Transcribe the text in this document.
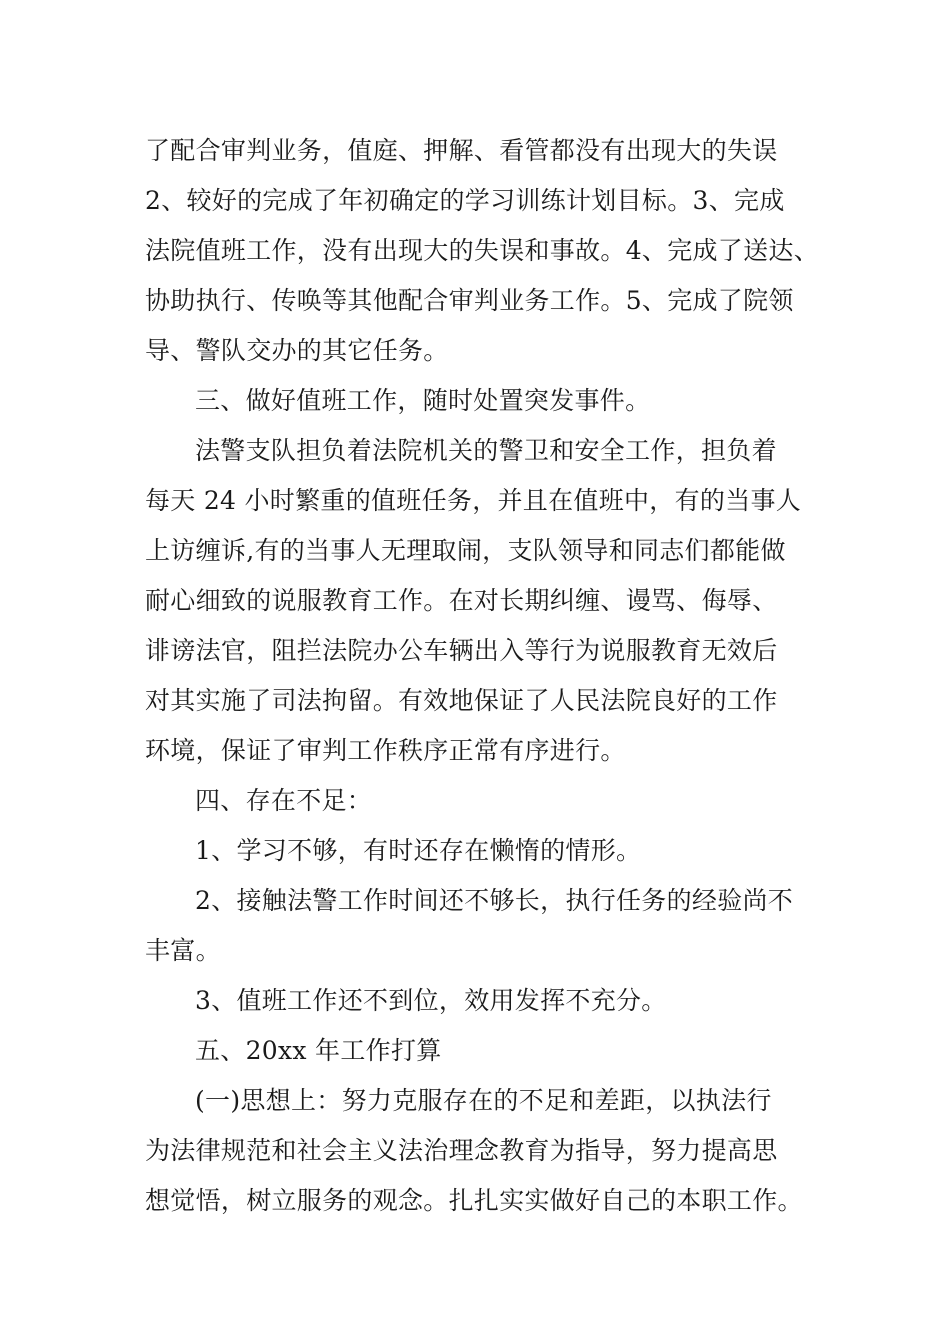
了配合审判业务，值庭、押解、看管都没有出现大的失误
2、较好的完成了年初确定的学习训练计划目标。3、完成
法院值班工作，没有出现大的失误和事故。4、完成了送达、
协助执行、传唤等其他配合审判业务工作。5、完成了院领
导、警队交办的其它任务。
三、做好值班工作，随时处置突发事件。
法警支队担负着法院机关的警卫和安全工作，担负着
每天 24 小时繁重的值班任务，并且在值班中，有的当事人
上访缠诉,有的当事人无理取闹，支队领导和同志们都能做
耐心细致的说服教育工作。在对长期纠缠、谩骂、侮辱、
诽谤法官，阻拦法院办公车辆出入等行为说服教育无效后
对其实施了司法拘留。有效地保证了人民法院良好的工作
环境，保证了审判工作秩序正常有序进行。
四、存在不足：
1、学习不够，有时还存在懒惰的情形。
2、接触法警工作时间还不够长，执行任务的经验尚不
丰富。
3、值班工作还不到位，效用发挥不充分。
五、20xx 年工作打算
(一)思想上：努力克服存在的不足和差距，以执法行
为法律规范和社会主义法治理念教育为指导，努力提高思
想觉悟，树立服务的观念。扎扎实实做好自己的本职工作。
